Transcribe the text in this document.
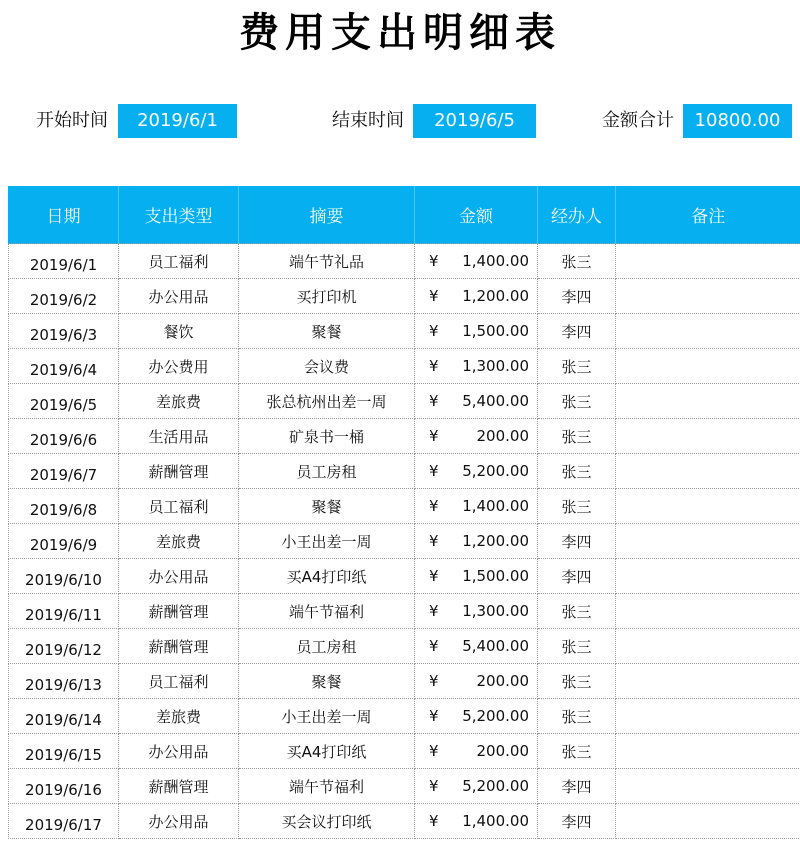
费用支出明细表
开始时间	2019/6/1	结束时间	2019/6/5	金额合计	10800.00
日期	支出类型	摘要	金额	经办人	备注
2019/6/1	员工福利	端午节礼品	¥ 1,400.00	张三	
2019/6/2	办公用品	买打印机	¥ 1,200.00	李四	
2019/6/3	餐饮	聚餐	¥ 1,500.00	李四	
2019/6/4	办公费用	会议费	¥ 1,300.00	张三	
2019/6/5	差旅费	张总杭州出差一周	¥ 5,400.00	张三	
2019/6/6	生活用品	矿泉书一桶	¥ 200.00	张三	
2019/6/7	薪酬管理	员工房租	¥ 5,200.00	张三	
2019/6/8	员工福利	聚餐	¥ 1,400.00	张三	
2019/6/9	差旅费	小王出差一周	¥ 1,200.00	李四	
2019/6/10	办公用品	买A4打印纸	¥ 1,500.00	李四	
2019/6/11	薪酬管理	端午节福利	¥ 1,300.00	张三	
2019/6/12	薪酬管理	员工房租	¥ 5,400.00	张三	
2019/6/13	员工福利	聚餐	¥ 200.00	张三	
2019/6/14	差旅费	小王出差一周	¥ 5,200.00	张三	
2019/6/15	办公用品	买A4打印纸	¥ 200.00	张三	
2019/6/16	薪酬管理	端午节福利	¥ 5,200.00	李四	
2019/6/17	办公用品	买会议打印纸	¥ 1,400.00	李四	
